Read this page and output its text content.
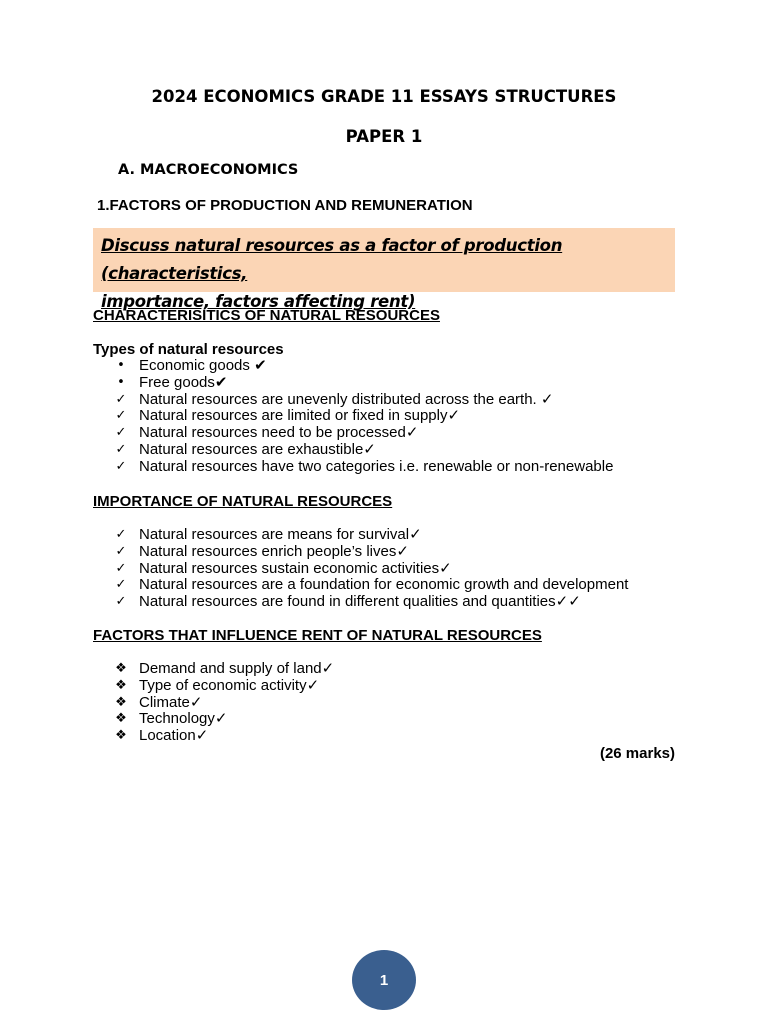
2024 ECONOMICS GRADE 11 ESSAYS STRUCTURES
PAPER 1
A. MACROECONOMICS
1.FACTORS OF PRODUCTION AND REMUNERATION
Discuss natural resources as a factor of production (characteristics,
importance, factors affecting rent)
CHARACTERISITICS OF NATURAL RESOURCES
Types of natural resources
• Economic goods ✔
• Free goods✔
✓ Natural resources are unevenly distributed across the earth. ✓
✓ Natural resources are limited or fixed in supply✓
✓ Natural resources need to be processed✓
✓ Natural resources are exhaustible✓
✓ Natural resources have two categories i.e. renewable or non-renewable
IMPORTANCE OF NATURAL RESOURCES
✓ Natural resources are means for survival✓
✓ Natural resources enrich people’s lives✓
✓ Natural resources sustain economic activities✓
✓ Natural resources are a foundation for economic growth and development
✓ Natural resources are found in different qualities and quantities✓✓
FACTORS THAT INFLUENCE RENT OF NATURAL RESOURCES
❖ Demand and supply of land✓
❖ Type of economic activity✓
❖ Climate✓
❖ Technology✓
❖ Location✓
(26 marks)
1
